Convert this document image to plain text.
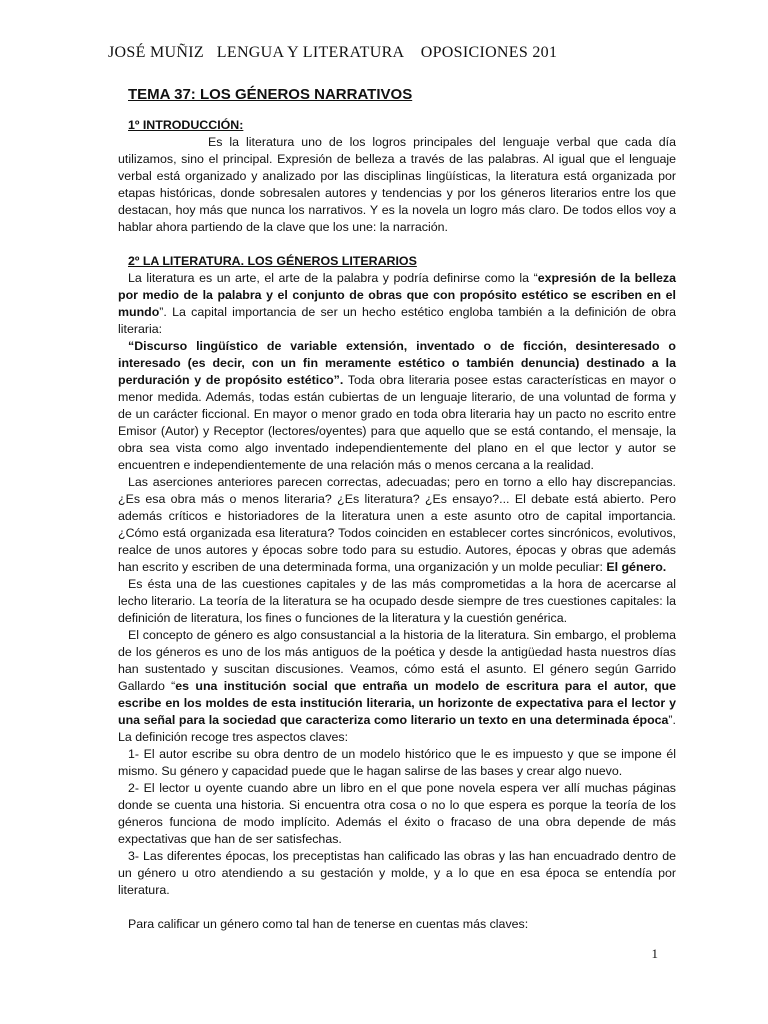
JOSÉ MUÑIZ LENGUA Y LITERATURA OPOSICIONES 201
TEMA 37: LOS GÉNEROS NARRATIVOS
1º INTRODUCCIÓN:

Es la literatura uno de los logros principales del lenguaje verbal que cada día utilizamos, sino el principal. Expresión de belleza a través de las palabras. Al igual que el lenguaje verbal está organizado y analizado por las disciplinas lingüísticas, la literatura está organizada por etapas históricas, donde sobresalen autores y tendencias y por los géneros literarios entre los que destacan, hoy más que nunca los narrativos. Y es la novela un logro más claro. De todos ellos voy a hablar ahora partiendo de la clave que los une: la narración.

2º LA LITERATURA. LOS GÉNEROS LITERARIOS

La literatura es un arte, el arte de la palabra y podría definirse como la “expresión de la belleza por medio de la palabra y el conjunto de obras que con propósito estético se escriben en el mundo”. La capital importancia de ser un hecho estético engloba también a la definición de obra literaria:

“Discurso lingüístico de variable extensión, inventado o de ficción, desinteresado o interesado (es decir, con un fin meramente estético o también denuncia) destinado a la perduración y de propósito estético”. Toda obra literaria posee estas características en mayor o menor medida. Además, todas están cubiertas de un lenguaje literario, de una voluntad de forma y de un carácter ficcional. En mayor o menor grado en toda obra literaria hay un pacto no escrito entre Emisor (Autor) y Receptor (lectores/oyentes) para que aquello que se está contando, el mensaje, la obra sea vista como algo inventado independientemente del plano en el que lector y autor se encuentren e independientemente de una relación más o menos cercana a la realidad.

Las aserciones anteriores parecen correctas, adecuadas; pero en torno a ello hay discrepancias. ¿Es esa obra más o menos literaria? ¿Es literatura? ¿Es ensayo?... El debate está abierto. Pero además críticos e historiadores de la literatura unen a este asunto otro de capital importancia. ¿Cómo está organizada esa literatura? Todos coinciden en establecer cortes sincrónicos, evolutivos, realce de unos autores y épocas sobre todo para su estudio. Autores, épocas y obras que además han escrito y escriben de una determinada forma, una organización y un molde peculiar: El género.

Es ésta una de las cuestiones capitales y de las más comprometidas a la hora de acercarse al lecho literario. La teoría de la literatura se ha ocupado desde siempre de tres cuestiones capitales: la definición de literatura, los fines o funciones de la literatura y la cuestión genérica.

El concepto de género es algo consustancial a la historia de la literatura. Sin embargo, el problema de los géneros es uno de los más antiguos de la poética y desde la antigüedad hasta nuestros días han sustentado y suscitan discusiones. Veamos, cómo está el asunto. El género según Garrido Gallardo “es una institución social que entraña un modelo de escritura para el autor, que escribe en los moldes de esta institución literaria, un horizonte de expectativa para el lector y una señal para la sociedad que caracteriza como literario un texto en una determinada época”. La definición recoge tres aspectos claves:

1- El autor escribe su obra dentro de un modelo histórico que le es impuesto y que se impone él mismo. Su género y capacidad puede que le hagan salirse de las bases y crear algo nuevo.

2- El lector u oyente cuando abre un libro en el que pone novela espera ver allí muchas páginas donde se cuenta una historia. Si encuentra otra cosa o no lo que espera es porque la teoría de los géneros funciona de modo implícito. Además el éxito o fracaso de una obra depende de más expectativas que han de ser satisfechas.

3- Las diferentes épocas, los preceptistas han calificado las obras y las han encuadrado dentro de un género u otro atendiendo a su gestación y molde, y a lo que en esa época se entendía por literatura.

Para calificar un género como tal han de tenerse en cuentas más claves:

1
